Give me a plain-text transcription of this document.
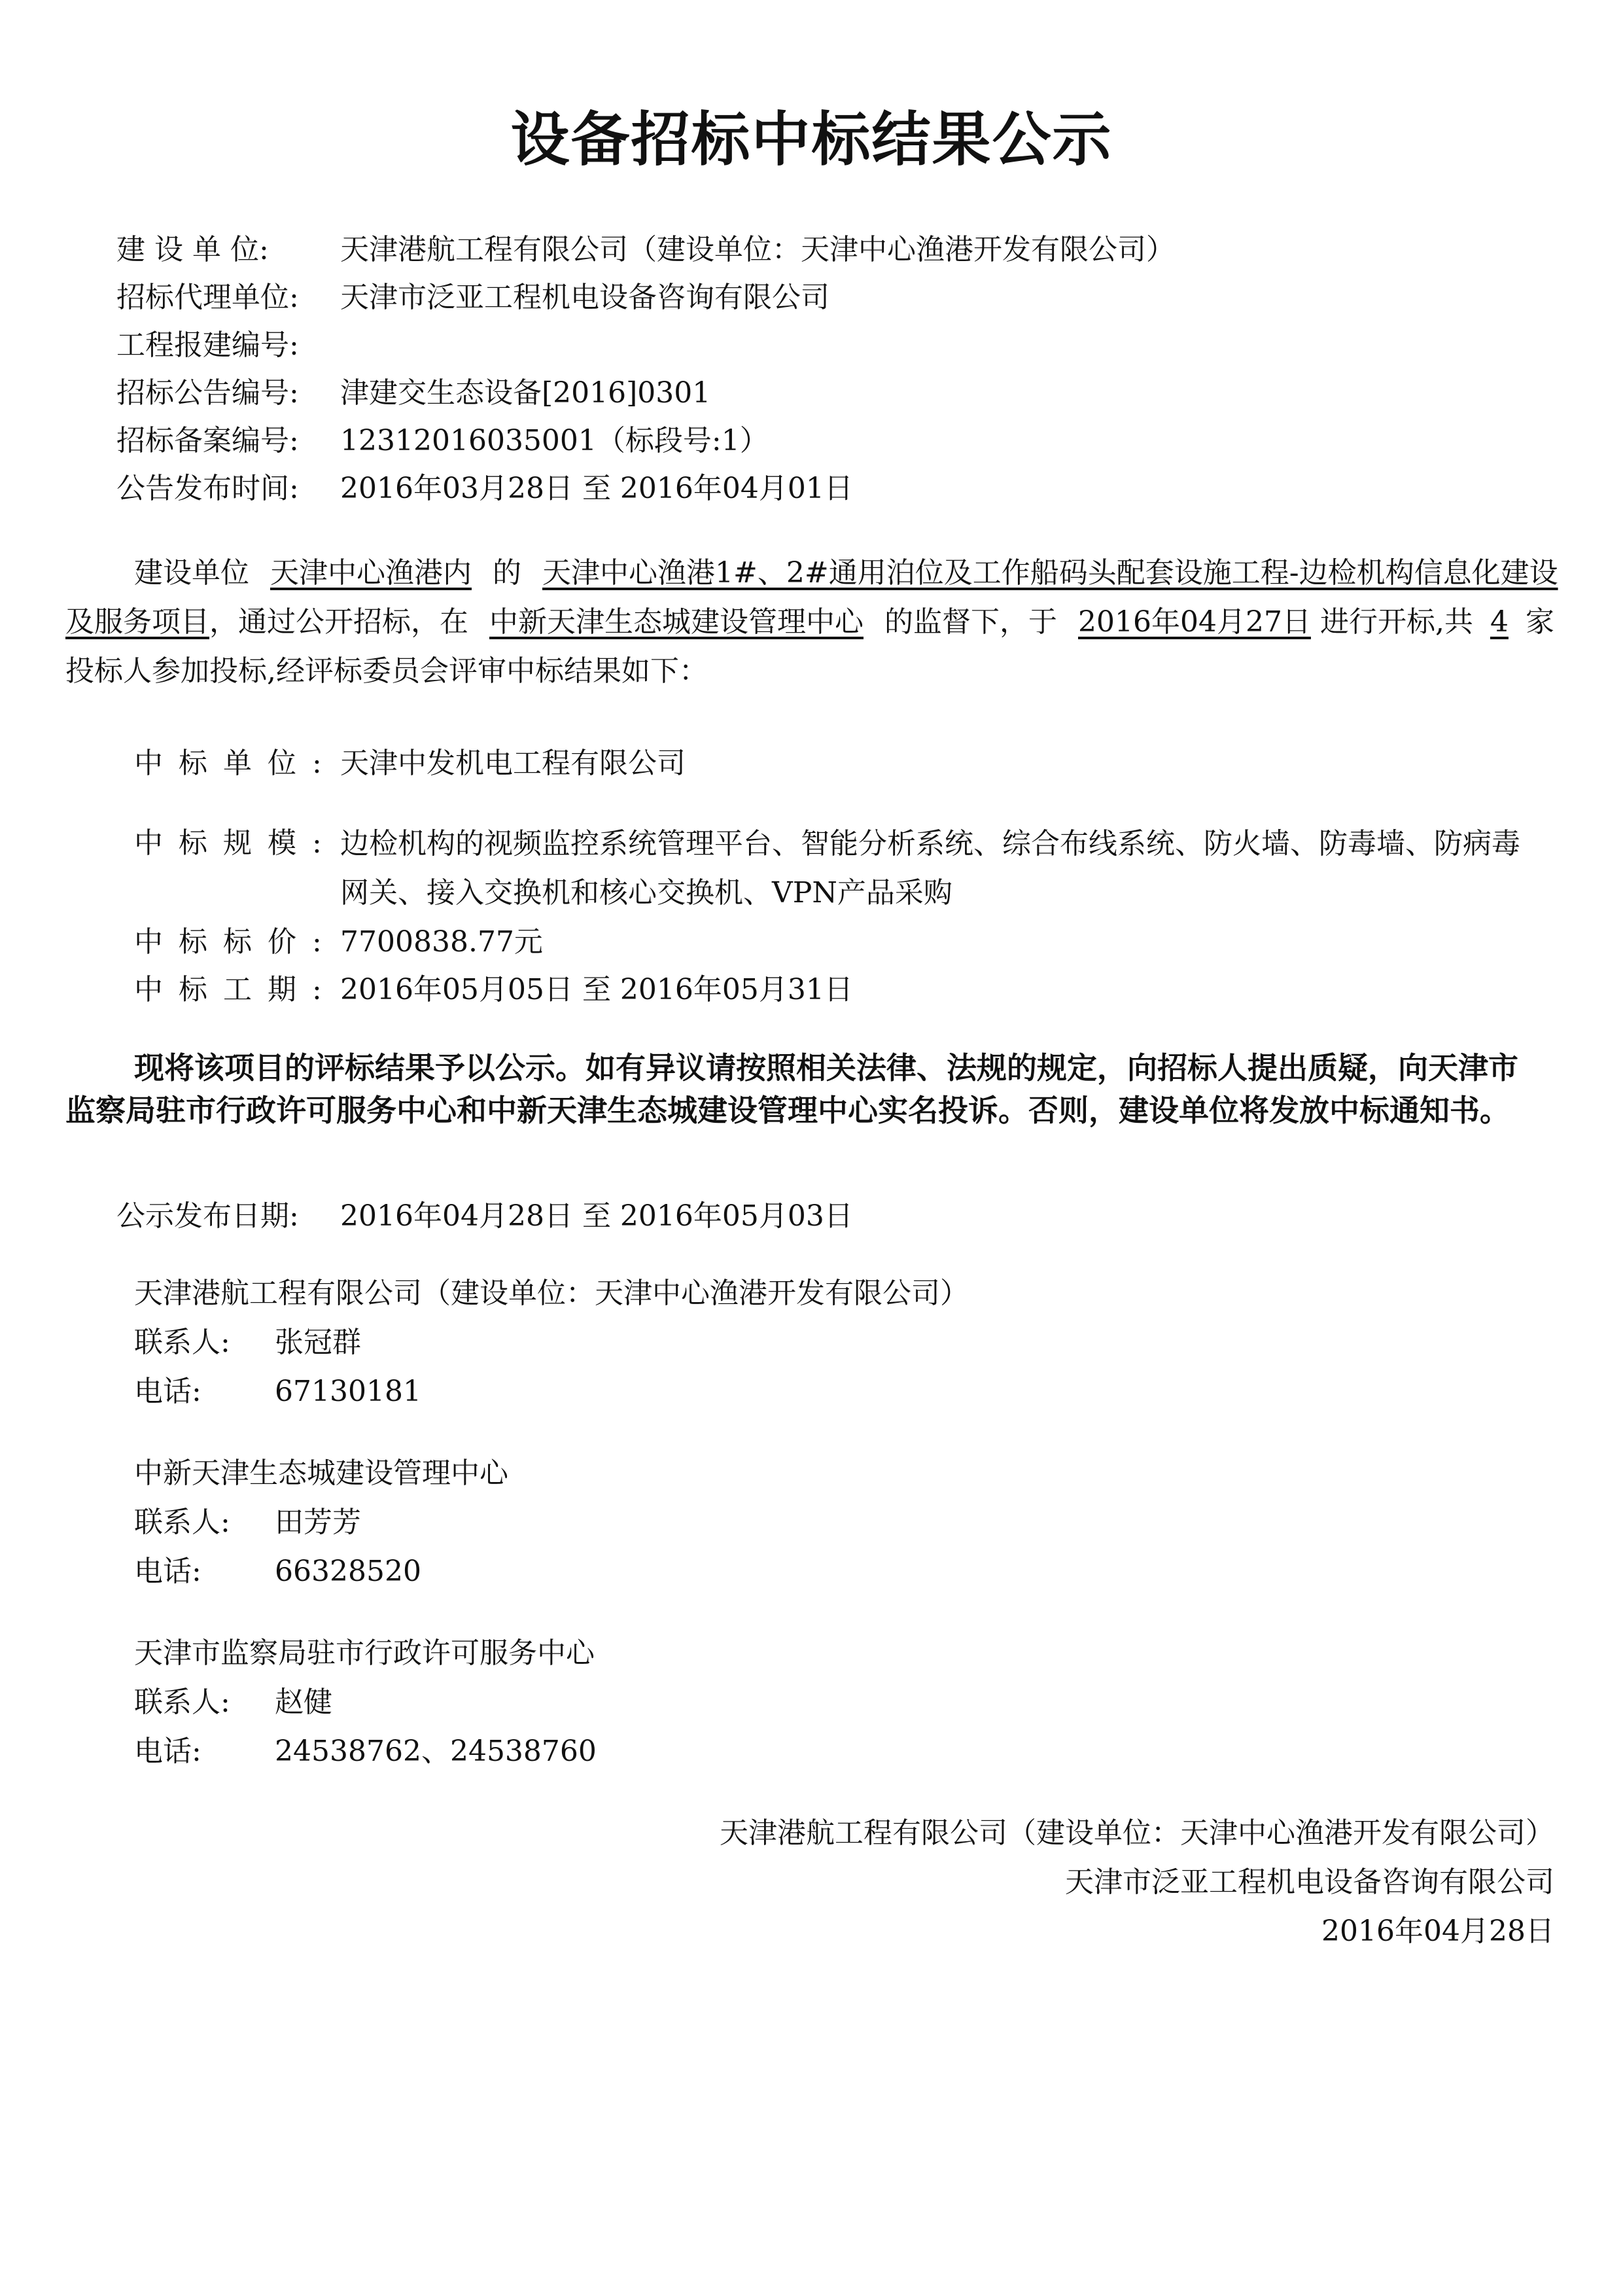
设备招标中标结果公示
建 设 单 位: 天津港航工程有限公司（建设单位：天津中心渔港开发有限公司）
招标代理单位: 天津市泛亚工程机电设备咨询有限公司
工程报建编号:
招标公告编号: 津建交生态设备[2016]0301
招标备案编号: 12312016035001（标段号:1）
公告发布时间: 2016年03月28日 至 2016年04月01日
建设单位 天津中心渔港内 的 天津中心渔港1#、2#通用泊位及工作船码头配套设施工程-边检机构信息化建设及服务项目，通过公开招标，在 中新天津生态城建设管理中心 的监督下，于 2016年04月27日 进行开标,共 4 家投标人参加投标,经评标委员会评审中标结果如下：
中标单位: 天津中发机电工程有限公司
中标规模: 边检机构的视频监控系统管理平台、智能分析系统、综合布线系统、防火墙、防毒墙、防病毒网关、接入交换机和核心交换机、VPN产品采购
中标标价: 7700838.77元
中标工期: 2016年05月05日 至 2016年05月31日
现将该项目的评标结果予以公示。如有异议请按照相关法律、法规的规定，向招标人提出质疑，向天津市监察局驻市行政许可服务中心和中新天津生态城建设管理中心实名投诉。否则，建设单位将发放中标通知书。
公示发布日期: 2016年04月28日 至 2016年05月03日
天津港航工程有限公司（建设单位：天津中心渔港开发有限公司）
联系人: 张冠群
电话:	67130181
中新天津生态城建设管理中心
联系人: 田芳芳
电话:	66328520
天津市监察局驻市行政许可服务中心
联系人: 赵健
电话:	24538762、24538760
天津港航工程有限公司（建设单位：天津中心渔港开发有限公司）
天津市泛亚工程机电设备咨询有限公司
2016年04月28日
